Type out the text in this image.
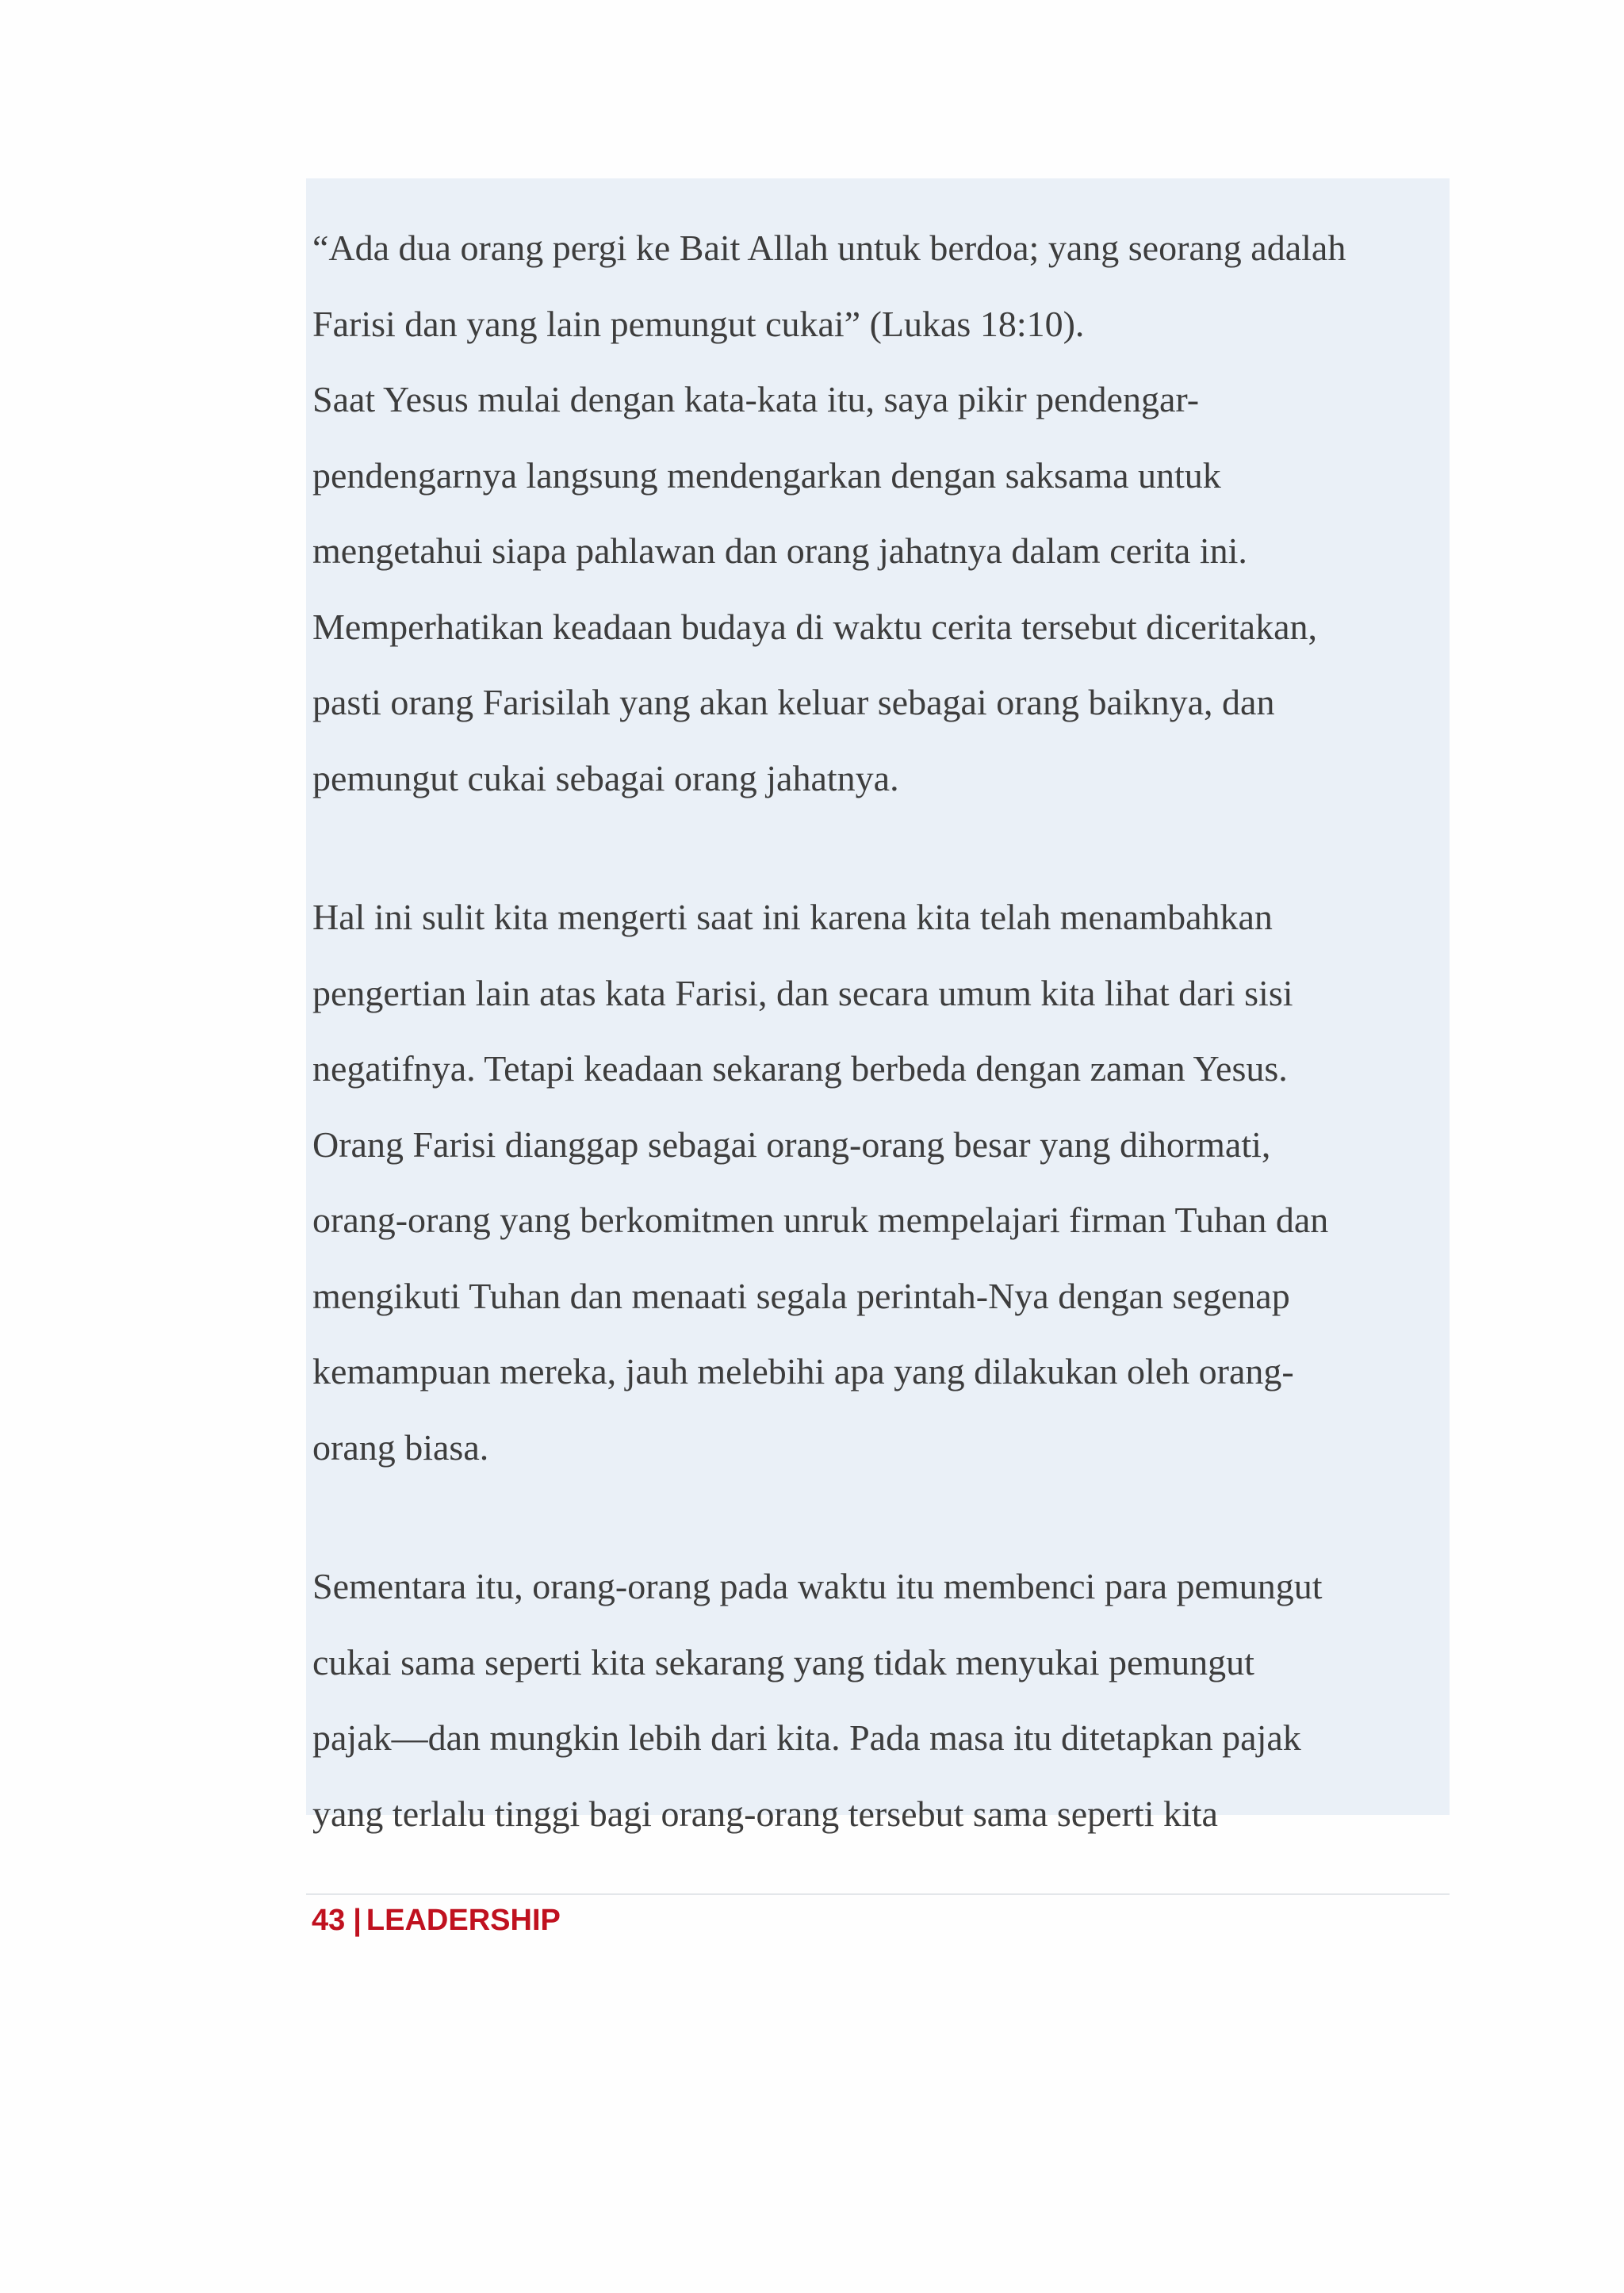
“Ada dua orang pergi ke Bait Allah untuk berdoa; yang seorang adalah
Farisi dan yang lain pemungut cukai” (Lukas 18:10).
Saat Yesus mulai dengan kata-kata itu, saya pikir pendengar-
pendengarnya langsung mendengarkan dengan saksama untuk
mengetahui siapa pahlawan dan orang jahatnya dalam cerita ini.
Memperhatikan keadaan budaya di waktu cerita tersebut diceritakan,
pasti orang Farisilah yang akan keluar sebagai orang baiknya, dan
pemungut cukai sebagai orang jahatnya.
Hal ini sulit kita mengerti saat ini karena kita telah menambahkan
pengertian lain atas kata Farisi, dan secara umum kita lihat dari sisi
negatifnya. Tetapi keadaan sekarang berbeda dengan zaman Yesus.
Orang Farisi dianggap sebagai orang-orang besar yang dihormati,
orang-orang yang berkomitmen unruk mempelajari firman Tuhan dan
mengikuti Tuhan dan menaati segala perintah-Nya dengan segenap
kemampuan mereka, jauh melebihi apa yang dilakukan oleh orang-
orang biasa.
Sementara itu, orang-orang pada waktu itu membenci para pemungut
cukai sama seperti kita sekarang yang tidak menyukai pemungut
pajak—dan mungkin lebih dari kita. Pada masa itu ditetapkan pajak
yang terlalu tinggi bagi orang-orang tersebut sama seperti kita
43 | LEADERSHIP
